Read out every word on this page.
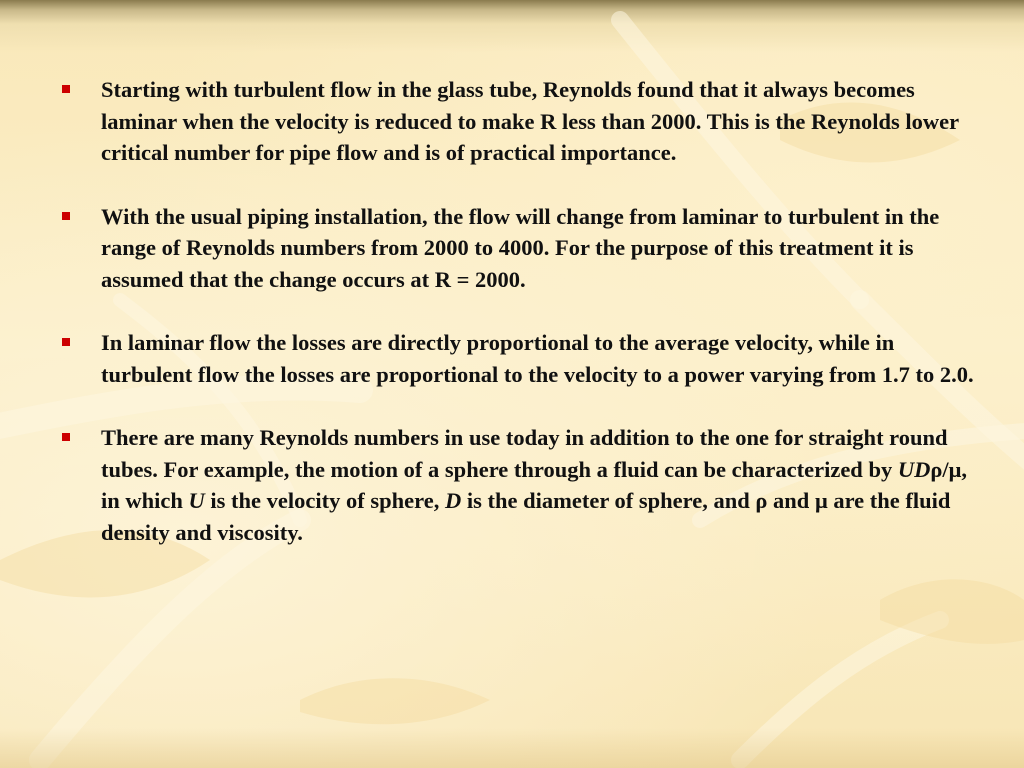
Starting with turbulent flow in the glass tube, Reynolds found that it always becomes laminar when the velocity is reduced to make R less than 2000. This is the Reynolds lower critical number for pipe flow and is of practical importance.
With the usual piping installation, the flow will change from laminar to turbulent in the range of Reynolds numbers from 2000 to 4000. For the purpose of this treatment it is assumed that the change occurs at R = 2000.
In laminar flow the losses are directly proportional to the average velocity, while in turbulent flow the losses are proportional to the velocity to a power varying from 1.7 to 2.0.
There are many Reynolds numbers in use today in addition to the one for straight round tubes. For example, the motion of a sphere through a fluid can be characterized by UDρ/μ, in which U is the velocity of sphere, D is the diameter of sphere, and ρ and μ are the fluid density and viscosity.
